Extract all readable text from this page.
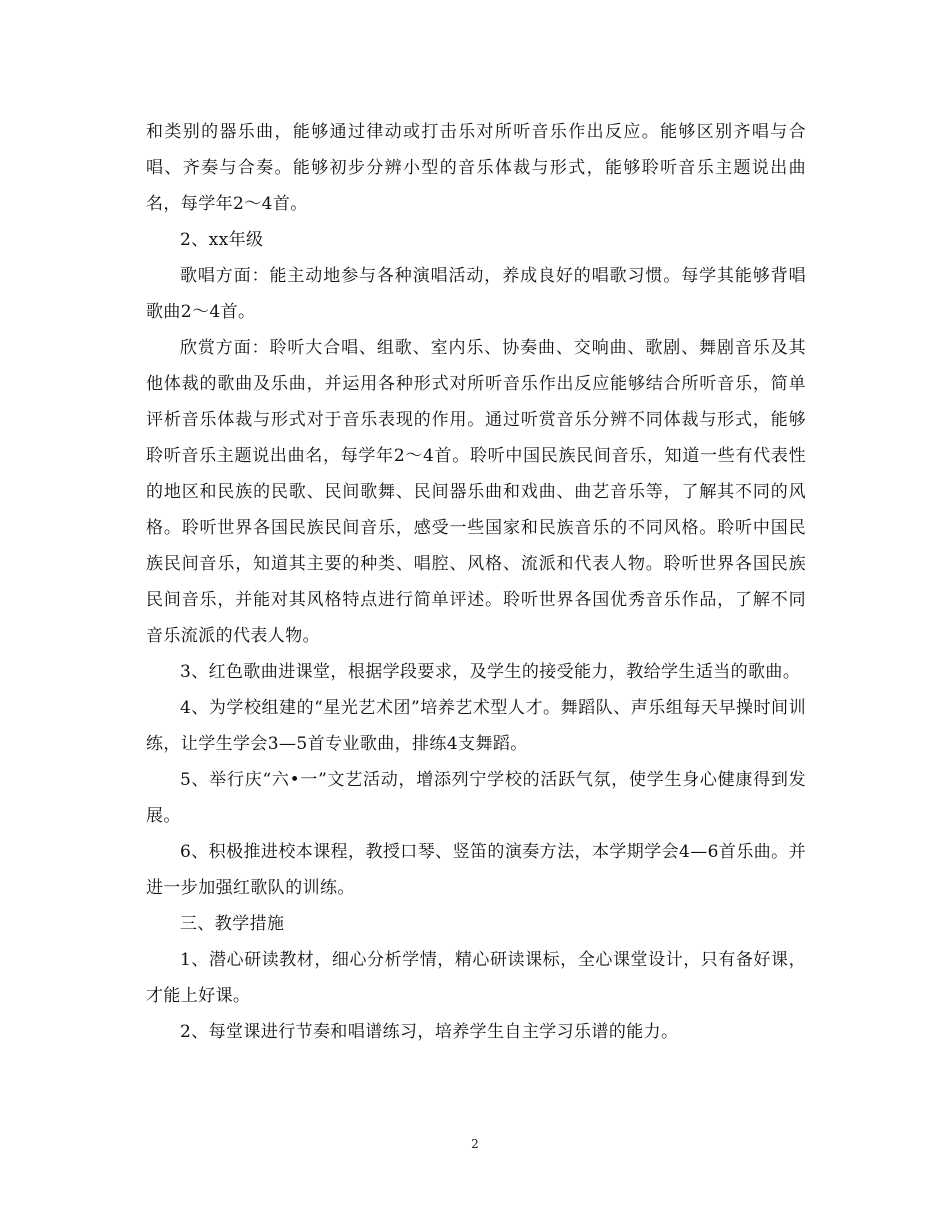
和类别的器乐曲，能够通过律动或打击乐对所听音乐作出反应。能够区别齐唱与合唱、齐奏与合奏。能够初步分辨小型的音乐体裁与形式，能够聆听音乐主题说出曲名，每学年2～4首。

2、xx年级

歌唱方面：能主动地参与各种演唱活动，养成良好的唱歌习惯。每学其能够背唱歌曲2～4首。

欣赏方面：聆听大合唱、组歌、室内乐、协奏曲、交响曲、歌剧、舞剧音乐及其他体裁的歌曲及乐曲，并运用各种形式对所听音乐作出反应能够结合所听音乐，简单评析音乐体裁与形式对于音乐表现的作用。通过听赏音乐分辨不同体裁与形式，能够聆听音乐主题说出曲名，每学年2～4首。聆听中国民族民间音乐，知道一些有代表性的地区和民族的民歌、民间歌舞、民间器乐曲和戏曲、曲艺音乐等，了解其不同的风格。聆听世界各国民族民间音乐，感受一些国家和民族音乐的不同风格。聆听中国民族民间音乐，知道其主要的种类、唱腔、风格、流派和代表人物。聆听世界各国民族民间音乐，并能对其风格特点进行简单评述。聆听世界各国优秀音乐作品，了解不同音乐流派的代表人物。

3、红色歌曲进课堂，根据学段要求，及学生的接受能力，教给学生适当的歌曲。

4、为学校组建的“星光艺术团”培养艺术型人才。舞蹈队、声乐组每天早操时间训练，让学生学会3—5首专业歌曲，排练4支舞蹈。

5、举行庆“六•一”文艺活动，增添列宁学校的活跃气氛，使学生身心健康得到发展。

6、积极推进校本课程，教授口琴、竖笛的演奏方法，本学期学会4—6首乐曲。并进一步加强红歌队的训练。

三、教学措施

1、潜心研读教材，细心分析学情，精心研读课标，全心课堂设计，只有备好课，才能上好课。

2、每堂课进行节奏和唱谱练习，培养学生自主学习乐谱的能力。

2
